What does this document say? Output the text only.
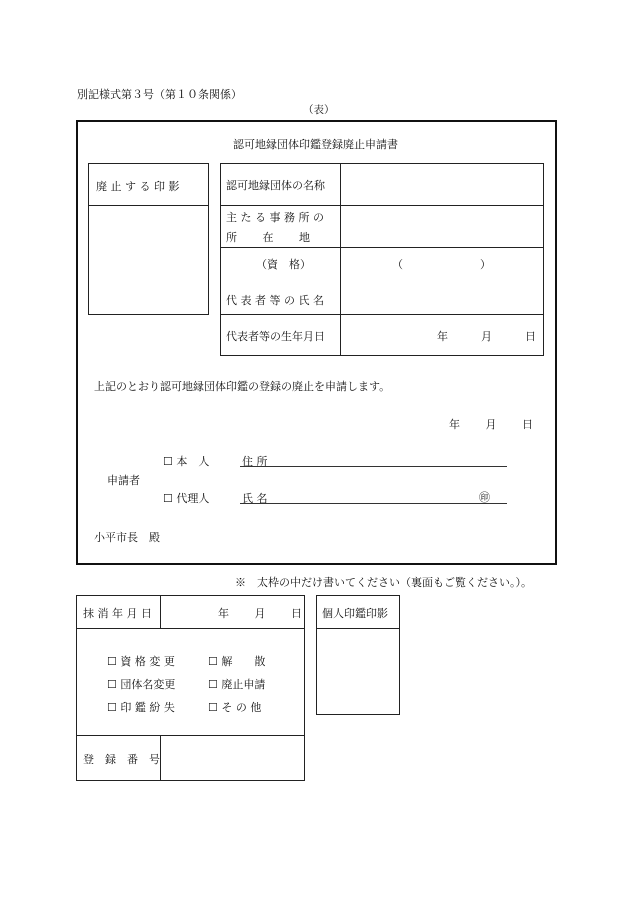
別記様式第３号（第１０条関係）
（表）
認可地縁団体印鑑登録廃止申請書
廃 止 す る 印 影	認可地縁団体の名称
主 た る 事 務 所 の
所　　 在　　 地
（資　格）	（　　　　　　　）
代 表 者 等 の 氏 名
代表者等の生年月日	年　　　月　　　日
上記のとおり認可地縁団体印鑑の登録の廃止を申請します。
年　　 月　　 日
☐ 本　人	住 所
申請者
☐ 代理人	氏 名	㊞
小平市長　殿
※　太枠の中だけ書いてください（裏面もご覧ください。）。
抹 消 年 月 日	年　　 月　　 日
☐ 資 格 変 更	☐ 解　　散
☐ 団体名変更	☐ 廃止申請
☐ 印 鑑 紛 失	☐ そ の 他
登　録　番　号
個人印鑑印影
